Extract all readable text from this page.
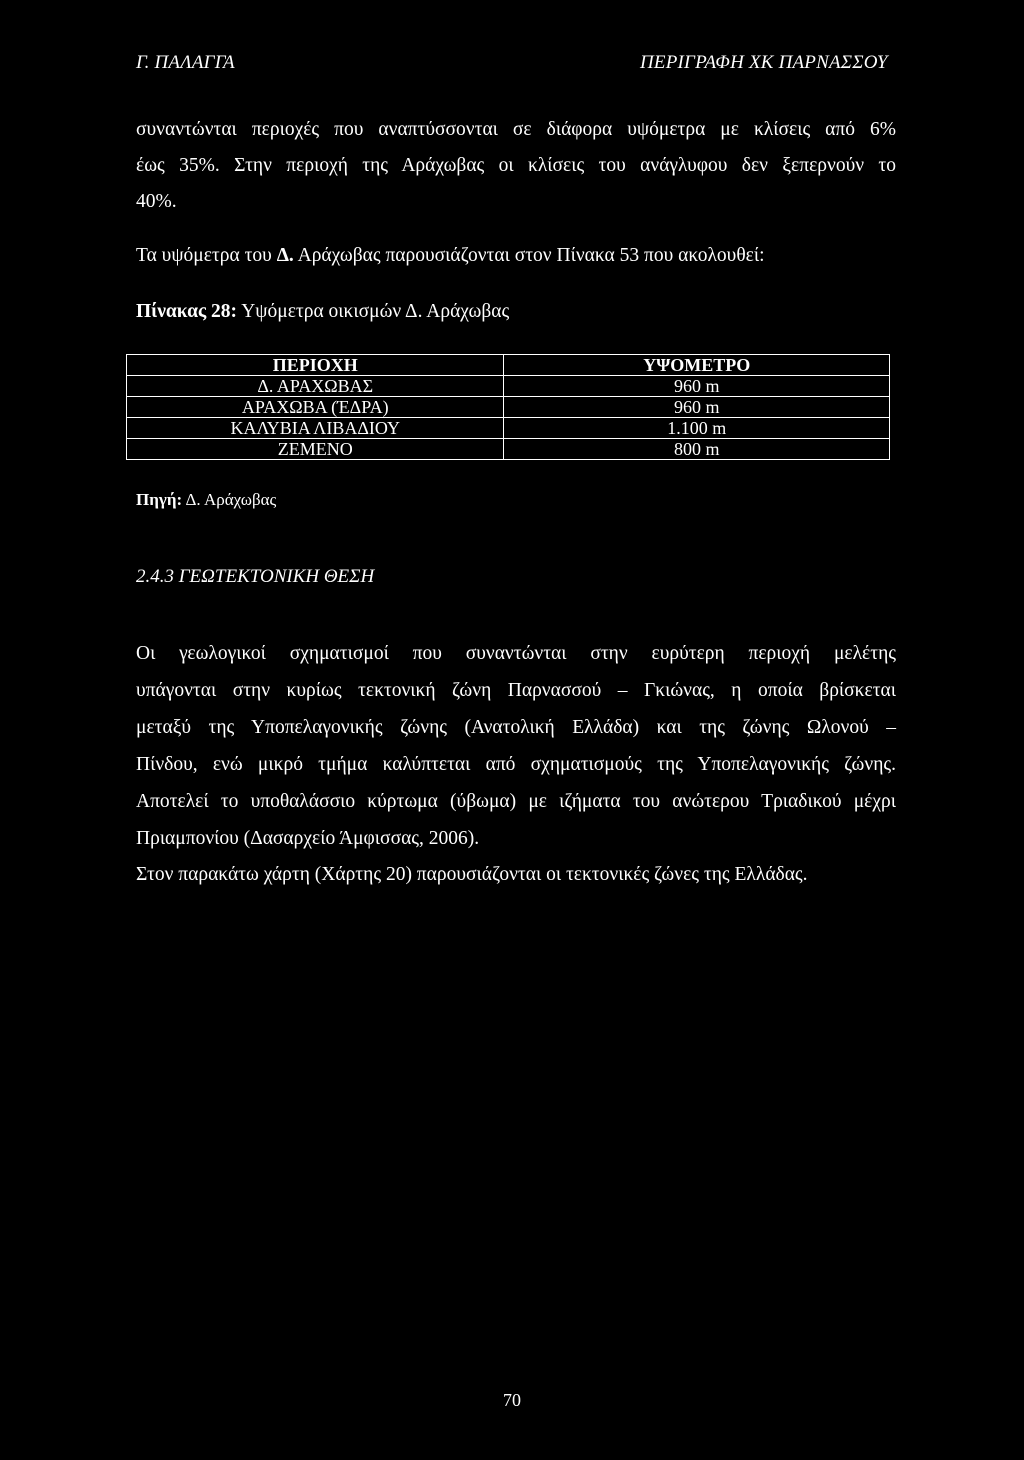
Γ. ΠΑΛΑΓΓΑ	ΠΕΡΙΓΡΑΦΗ ΧΚ ΠΑΡΝΑΣΣΟΥ
συναντώνται περιοχές που αναπτύσσονται σε διάφορα υψόμετρα με κλίσεις από 6%
έως 35%. Στην περιοχή της Αράχωβας οι κλίσεις του ανάγλυφου δεν ξεπερνούν το
40%.
Τα υψόμετρα του Δ. Αράχωβας παρουσιάζονται στον Πίνακα 53 που ακολουθεί:
Πίνακας 28: Υψόμετρα οικισμών Δ. Αράχωβας
ΠΕΡΙΟΧΗ	ΥΨΟΜΕΤΡΟ
Δ. ΑΡΑΧΩΒΑΣ	960 m
ΑΡΑΧΩΒΑ (ΈΔΡΑ)	960 m
ΚΑΛΥΒΙΑ ΛΙΒΑΔΙΟΥ	1.100 m
ΖΕΜΕΝΟ	800 m
Πηγή: Δ. Αράχωβας
2.4.3 ΓΕΩΤΕΚΤΟΝΙΚΗ ΘΕΣΗ
Οι γεωλογικοί σχηματισμοί που συναντώνται στην ευρύτερη περιοχή μελέτης
υπάγονται στην κυρίως τεκτονική ζώνη Παρνασσού – Γκιώνας, η οποία βρίσκεται
μεταξύ της Υποπελαγονικής ζώνης (Ανατολική Ελλάδα) και της ζώνης Ωλονού –
Πίνδου, ενώ μικρό τμήμα καλύπτεται από σχηματισμούς της Υποπελαγονικής ζώνης.
Αποτελεί το υποθαλάσσιο κύρτωμα (ύβωμα) με ιζήματα του ανώτερου Τριαδικού μέχρι
Πριαμπονίου (Δασαρχείο Άμφισσας, 2006).
Στον παρακάτω χάρτη (Χάρτης 20) παρουσιάζονται οι τεκτονικές ζώνες της Ελλάδας.
70
